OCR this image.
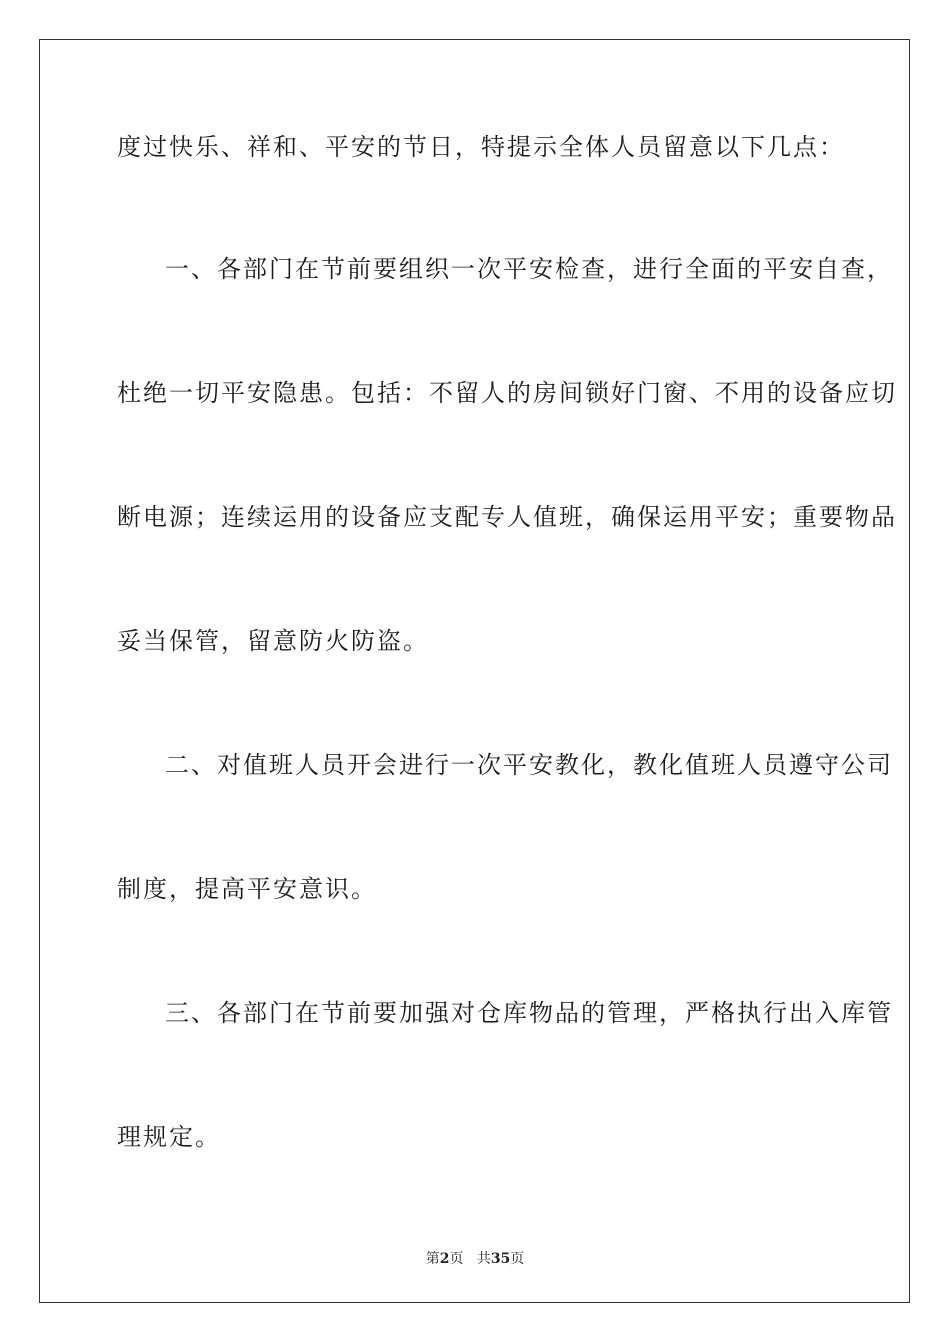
度过快乐、祥和、平安的节日，特提示全体人员留意以下几点：
一、各部门在节前要组织一次平安检查，进行全面的平安自查，
杜绝一切平安隐患。包括：不留人的房间锁好门窗、不用的设备应切
断电源；连续运用的设备应支配专人值班，确保运用平安；重要物品
妥当保管，留意防火防盗。
二、对值班人员开会进行一次平安教化，教化值班人员遵守公司
制度，提高平安意识。
三、各部门在节前要加强对仓库物品的管理，严格执行出入库管
理规定。
第2页 共35页
